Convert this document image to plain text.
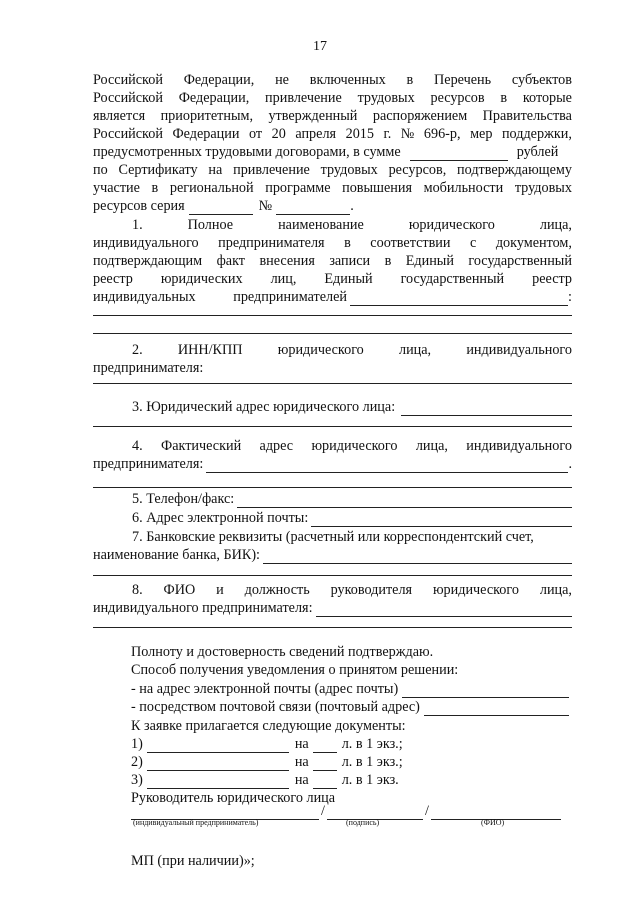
17
Российской Федерации, не включенных в Перечень субъектов
Российской Федерации, привлечение трудовых ресурсов в которые
является приоритетным, утвержденный распоряжением Правительства
Российской Федерации от 20 апреля 2015 г. № 696-р, мер поддержки,
предусмотренных трудовыми договорами, в сумме	рублей
по Сертификату на привлечение трудовых ресурсов, подтверждающему
участие в региональной программе повышения мобильности трудовых
ресурсов серия	№	.
1.	Полное	наименование	юридического	лица,
индивидуального предпринимателя в соответствии с документом,
подтверждающим факт внесения записи в Единый государственный
реестр юридических лиц, Единый государственный реестр
индивидуальных	предпринимателей	:
2. ИНН/КПП юридического лица, индивидуального
предпринимателя:
3. Юридический адрес юридического лица:
4. Фактический адрес юридического лица, индивидуального
предпринимателя:	.
5. Телефон/факс:
6. Адрес электронной почты:
7. Банковские реквизиты (расчетный или корреспондентский счет,
наименование банка, БИК):
8. ФИО и должность руководителя юридического лица,
индивидуального предпринимателя:
Полноту и достоверность сведений подтверждаю.
Способ получения уведомления о принятом решении:
- на адрес электронной почты (адрес почты)
- посредством почтовой связи (почтовый адрес)
К заявке прилагается следующие документы:
1)	на л. в 1 экз.;
2)	на л. в 1 экз.;
3)	на л. в 1 экз.
Руководитель юридического лица
/	/
(индивидуальный предприниматель)	(подпись)	(ФИО)
МП (при наличии)»;
